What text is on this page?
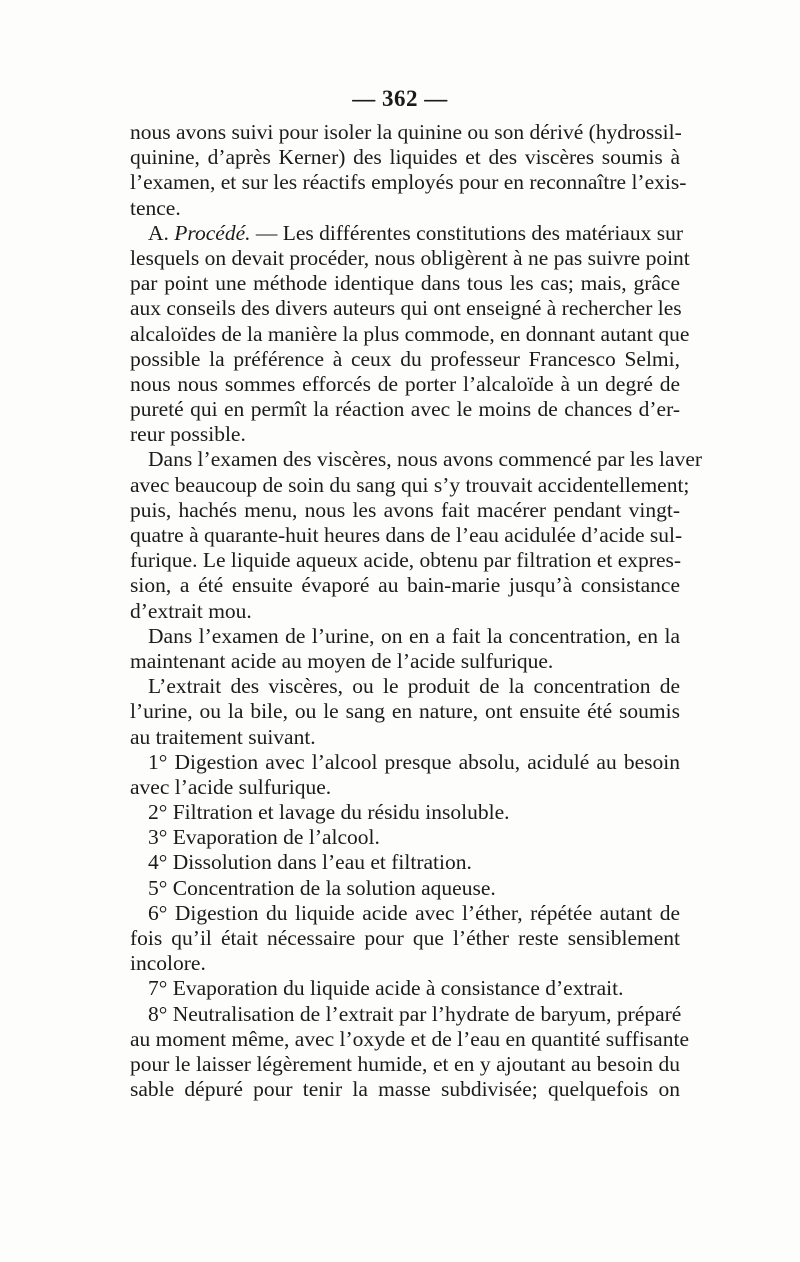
— 362 —
nous avons suivi pour isoler la quinine ou son dérivé (hydrossil-
quinine, d’après Kerner) des liquides et des viscères soumis à
l’examen, et sur les réactifs employés pour en reconnaître l’exis-
tence.
A. Procédé. — Les différentes constitutions des matériaux sur
lesquels on devait procéder, nous obligèrent à ne pas suivre point
par point une méthode identique dans tous les cas; mais, grâce
aux conseils des divers auteurs qui ont enseigné à rechercher les
alcaloïdes de la manière la plus commode, en donnant autant que
possible la préférence à ceux du professeur Francesco Selmi,
nous nous sommes efforcés de porter l’alcaloïde à un degré de
pureté qui en permît la réaction avec le moins de chances d’er-
reur possible.
Dans l’examen des viscères, nous avons commencé par les laver
avec beaucoup de soin du sang qui s’y trouvait accidentellement;
puis, hachés menu, nous les avons fait macérer pendant vingt-
quatre à quarante-huit heures dans de l’eau acidulée d’acide sul-
furique. Le liquide aqueux acide, obtenu par filtration et expres-
sion, a été ensuite évaporé au bain-marie jusqu’à consistance
d’extrait mou.
Dans l’examen de l’urine, on en a fait la concentration, en la
maintenant acide au moyen de l’acide sulfurique.
L’extrait des viscères, ou le produit de la concentration de
l’urine, ou la bile, ou le sang en nature, ont ensuite été soumis
au traitement suivant.
1° Digestion avec l’alcool presque absolu, acidulé au besoin
avec l’acide sulfurique.
2° Filtration et lavage du résidu insoluble.
3° Evaporation de l’alcool.
4° Dissolution dans l’eau et filtration.
5° Concentration de la solution aqueuse.
6° Digestion du liquide acide avec l’éther, répétée autant de
fois qu’il était nécessaire pour que l’éther reste sensiblement
incolore.
7° Evaporation du liquide acide à consistance d’extrait.
8° Neutralisation de l’extrait par l’hydrate de baryum, préparé
au moment même, avec l’oxyde et de l’eau en quantité suffisante
pour le laisser légèrement humide, et en y ajoutant au besoin du
sable dépuré pour tenir la masse subdivisée; quelquefois on
